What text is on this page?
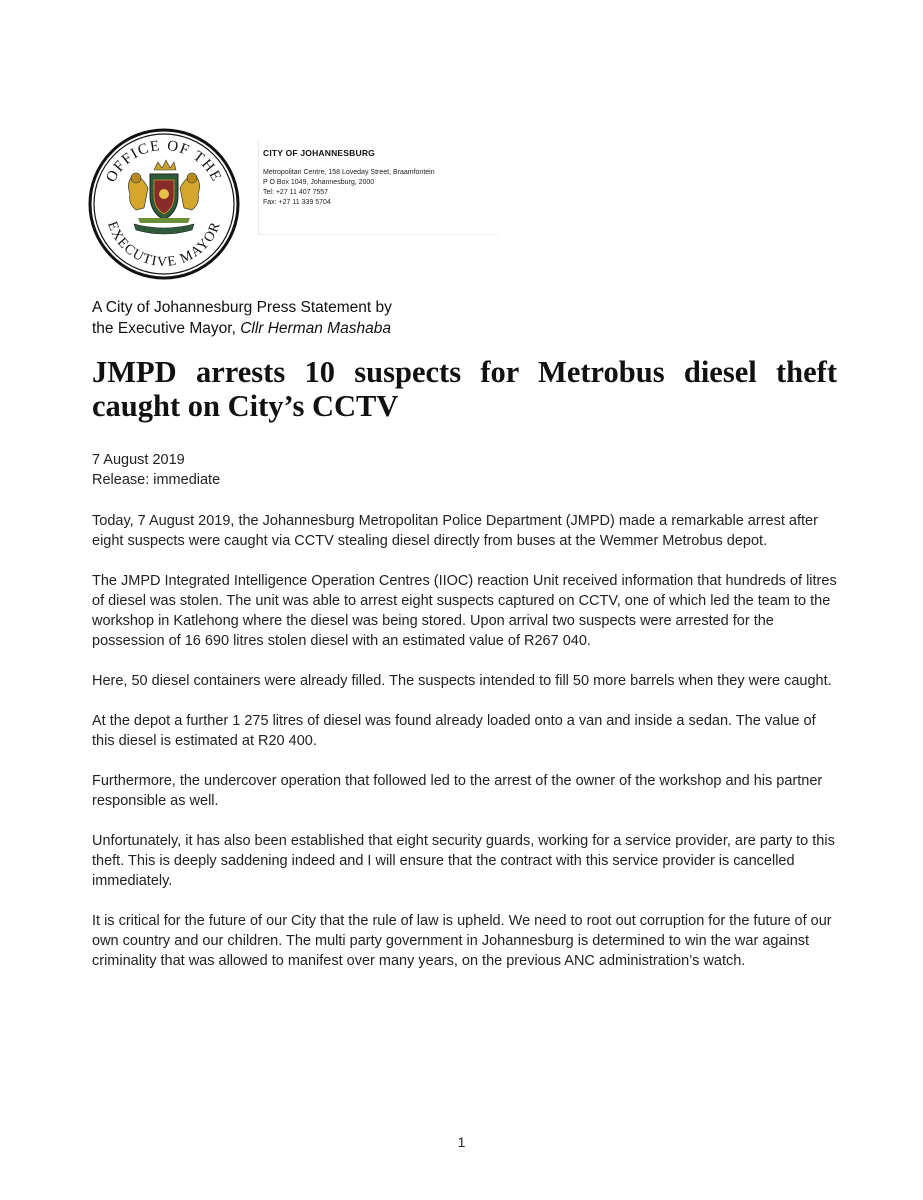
OFFICE OF THE
EXECUTIVE MAYOR
CITY OF JOHANNESBURG
Metropolitan Centre, 158 Loveday Street, Braamfontein
P O Box 1049, Johannesburg, 2000
Tel: +27 11 407 7557
Fax: +27 11 339 5704
A City of Johannesburg Press Statement by
the Executive Mayor, Cllr Herman Mashaba
JMPD arrests 10 suspects for Metrobus diesel theft caught on City’s CCTV
7 August 2019
Release: immediate

Today, 7 August 2019, the Johannesburg Metropolitan Police Department (JMPD) made a remarkable arrest after eight suspects were caught via CCTV stealing diesel directly from buses at the Wemmer Metrobus depot.

The JMPD Integrated Intelligence Operation Centres (IIOC) reaction Unit received information that hundreds of litres of diesel was stolen. The unit was able to arrest eight suspects captured on CCTV, one of which led the team to the workshop in Katlehong where the diesel was being stored. Upon arrival two suspects were arrested for the possession of 16 690 litres stolen diesel with an estimated value of R267 040.

Here, 50 diesel containers were already filled. The suspects intended to fill 50 more barrels when they were caught.

At the depot a further 1 275 litres of diesel was found already loaded onto a van and inside a sedan. The value of this diesel is estimated at R20 400.

Furthermore, the undercover operation that followed led to the arrest of the owner of the workshop and his partner responsible as well.

Unfortunately, it has also been established that eight security guards, working for a service provider, are party to this theft. This is deeply saddening indeed and I will ensure that the contract with this service provider is cancelled immediately.

It is critical for the future of our City that the rule of law is upheld. We need to root out corruption for the future of our own country and our children. The multi party government in Johannesburg is determined to win the war against criminality that was allowed to manifest over many years, on the previous ANC administration’s watch.

1
